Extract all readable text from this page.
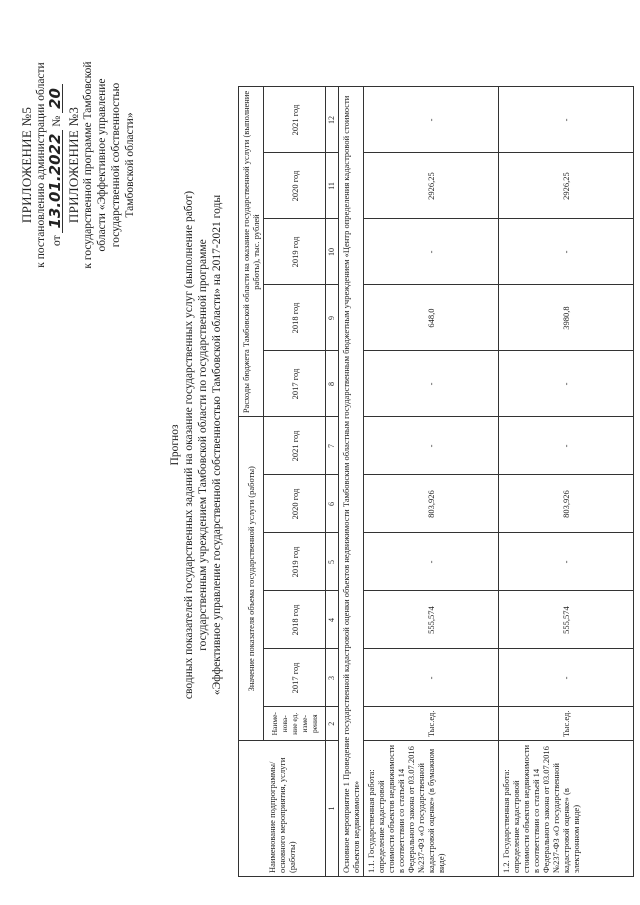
ПРИЛОЖЕНИЕ №5 к постановлению администрации области от 13.01.2022 № 20
ПРИЛОЖЕНИЕ №3 к государственной программе Тамбовской области «Эффективное управление государственной собственностью Тамбовской области»
Прогноз сводных показателей государственных заданий на оказание государственных услуг (выполнение работ) государственным учреждением Тамбовской области по государственной программе «Эффективное управление государственной собственностью Тамбовской области» на 2017-2021 годы
Наименование подпрограммы/основного мероприятия, услуги (работы)	Значение показателя объема государственной услуги (работы)						Расходы бюджета Тамбовской области на оказание государственной услуги (выполнение работы), тыс. рублей				
	Наиме-нова-ние ед. изме-рения	2017 год	2018 год	2019 год	2020 год	2021 год	2017 год	2018 год	2019 год	2020 год	2021 год
1	2	3	4	5	6	7	8	9	10	11	12
Основное мероприятие 1 Проведение государственной кадастровой оценки объектов недвижимости Тамбовским областным государственным бюджетным учреждением «Центр определения кадастровой стоимости объектов недвижимости»											
1.1. Государственная работа: определение кадастровой стоимости объектов недвижимости в соответствии со статьей 14 Федерального закона от 03.07.2016 №237-ФЗ «О государственной кадастровой оценке» (в бумажном виде)	Тыс.ед.	-	555,574	-	803,926	-	-	648,0	-	2926,25	-
1.2. Государственная работа: определение кадастровой стоимости объектов недвижимости в соответствии со статьей 14 Федерального закона от 03.07.2016 №237-ФЗ «О государственной кадастровой оценке» (в электронном виде)	Тыс.ед.	-	555,574	-	803,926	-	-	3980,8	-	2926,25	-
